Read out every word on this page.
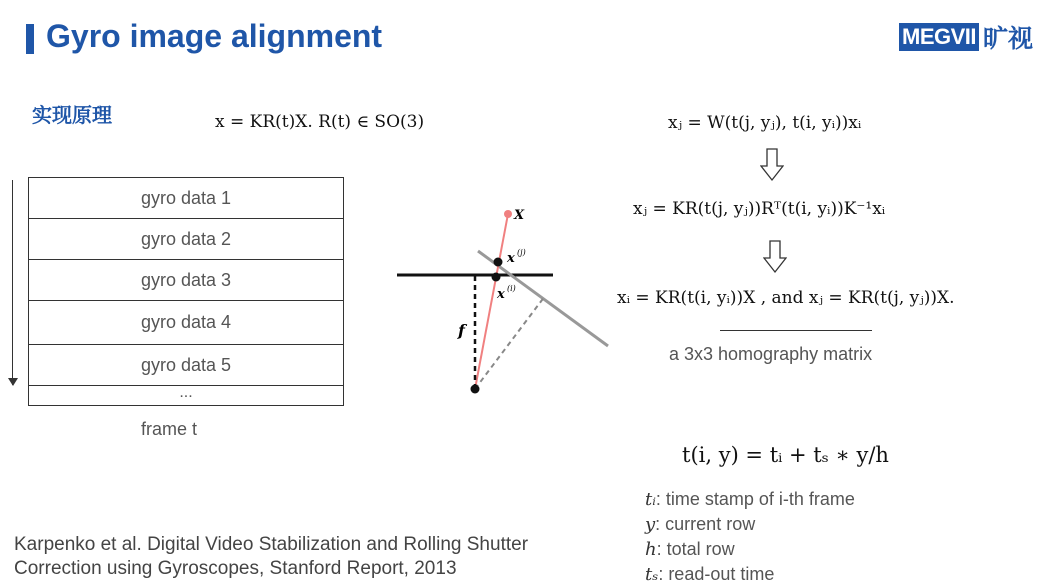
Gyro image alignment	MEGVII 旷视
实现原理	x = KR(t)X. R(t) ∈ SO(3)	xⱼ = W(t(j, yⱼ), t(i, yᵢ))xᵢ
xⱼ = KR(t(j, yⱼ))Rᵀ(t(i, yᵢ))K⁻¹xᵢ
xᵢ = KR(t(i, yᵢ))X , and xⱼ = KR(t(j, yⱼ))X.
a 3x3 homography matrix
t(i, y) = tᵢ + tₛ ∗ y/h
tᵢ: time stamp of i-th frame
y: current row
h: total row
tₛ: read-out time
Karpenko et al. Digital Video Stabilization and Rolling Shutter
Correction using Gyroscopes, Stanford Report, 2013
gyro data 1
gyro data 2
gyro data 3
gyro data 4
gyro data 5
...
frame t
X
x (j)
x (i)
f
